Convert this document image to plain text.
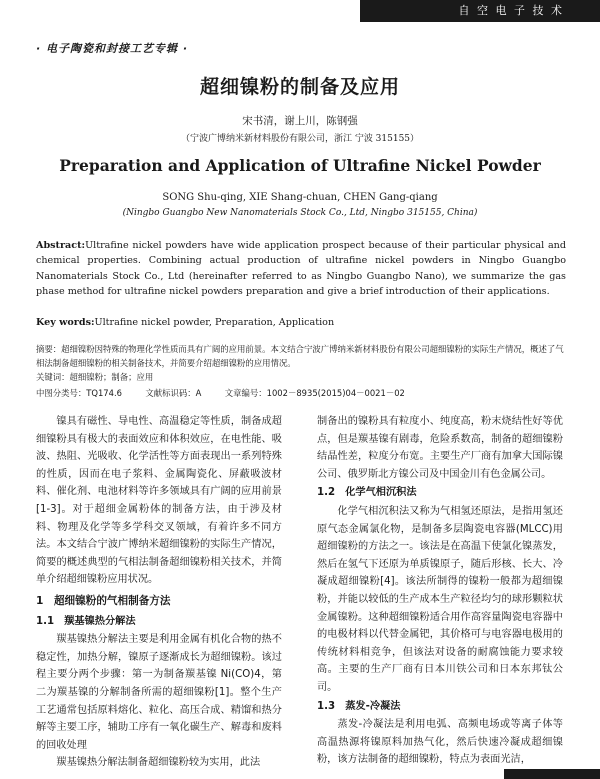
自 空 电 子 技 术
· 电子陶瓷和封接工艺专辑 ·
超细镍粉的制备及应用
宋书清，谢上川，陈钢强
（宁波广博纳米新材料股份有限公司，浙江 宁波 315155）
Preparation and Application of Ultrafine Nickel Powder
SONG Shu-qing, XIE Shang-chuan, CHEN Gang-qiang
(Ningbo Guangbo New Nanomaterials Stock Co., Ltd, Ningbo 315155, China)
Abstract:Ultrafine nickel powders have wide application prospect because of their particular physical and chemical properties. Combining actual production of ultrafine nickel powders in Ningbo Guangbo Nanomaterials Stock Co., Ltd (hereinafter referred to as Ningbo Guangbo Nano), we summarize the gas phase method for ultrafine nickel powders preparation and give a brief introduction of their applications.
Key words:Ultrafine nickel powder, Preparation, Application
摘要：超细镍粉因特殊的物理化学性质而具有广阔的应用前景。本文结合宁波广博纳米新材料股份有限公司超细镍粉的实际生产情况，概述了气相法制备超细镍粉的相关制备技术，并简要介绍超细镍粉的应用情况。
关键词：超细镍粉；制备；应用
中图分类号：TQ174.6　　	文献标识码：A　　	文章编号：1002－8935(2015)04－0021－02

镍具有磁性、导电性、高温稳定等性质，制备成超细镍粉具有极大的表面效应和体积效应，在电性能、吸波、热阻、光吸收、化学活性等方面表现出一系列特殊的性质，因而在电子浆料、金属陶瓷化、屏蔽吸波材料、催化剂、电池材料等许多领域具有广阔的应用前景[1-3]。对于超细金属粉体的制备方法，由于涉及材料、物理及化学等多学科交叉领域，有着许多不同方法。本文结合宁波广博纳米超细镍粉的实际生产情况，简要的概述典型的气相法制备超细镍粉相关技术，并简单介绍超细镍粉应用状况。

1　超细镍粉的气相制备方法
1.1　羰基镍热分解法

羰基镍热分解法主要是利用金属有机化合物的热不稳定性，加热分解，镍原子逐渐成长为超细镍粉。该过程主要分两个步骤：第一为制备羰基镍 Ni(CO)4，第二为羰基镍的分解制备所需的超细镍粉[1]。整个生产工艺通常包括原料熔化、粒化、高压合成、精馏和热分解等主要工序，辅助工序有一氧化碳生产、解毒和废料的回收处理

羰基镍热分解法制备超细镍粉较为实用，此法

制备出的镍粉具有粒度小、纯度高，粉末烧结性好等优点，但是羰基镍有剧毒，危险系数高，制备的超细镍粉结晶性差，粒度分布宽。主要生产厂商有加拿大国际镍公司、俄罗斯北方镍公司及中国金川有色金属公司。

1.2　化学气相沉积法

化学气相沉积法又称为气相氢还原法，是指用氢还原气态金属氯化物，是制备多层陶瓷电容器(MLCC)用超细镍粉的方法之一。该法是在高温下使氯化镍蒸发，然后在氢气下还原为单质镍原子，随后形核、长大、冷凝成超细镍粉[4]。该法所制得的镍粉一般都为超细镍粉，并能以较低的生产成本生产粒径均匀的球形颗粒状金属镍粉。这种超细镍粉适合用作高容量陶瓷电容器中的电极材料以代替金属钯，其价格可与电容器电极用的传统材料相竞争，但该法对设备的耐腐蚀能力要求较高。主要的生产厂商有日本川铁公司和日本东邦钛公司。

1.3　蒸发-冷凝法

蒸发-冷凝法是利用电弧、高频电场或等离子体等高温热源将镍原料加热气化，然后快速冷凝成超细镍粉，该方法制备的超细镍粉，特点为表面光洁，
